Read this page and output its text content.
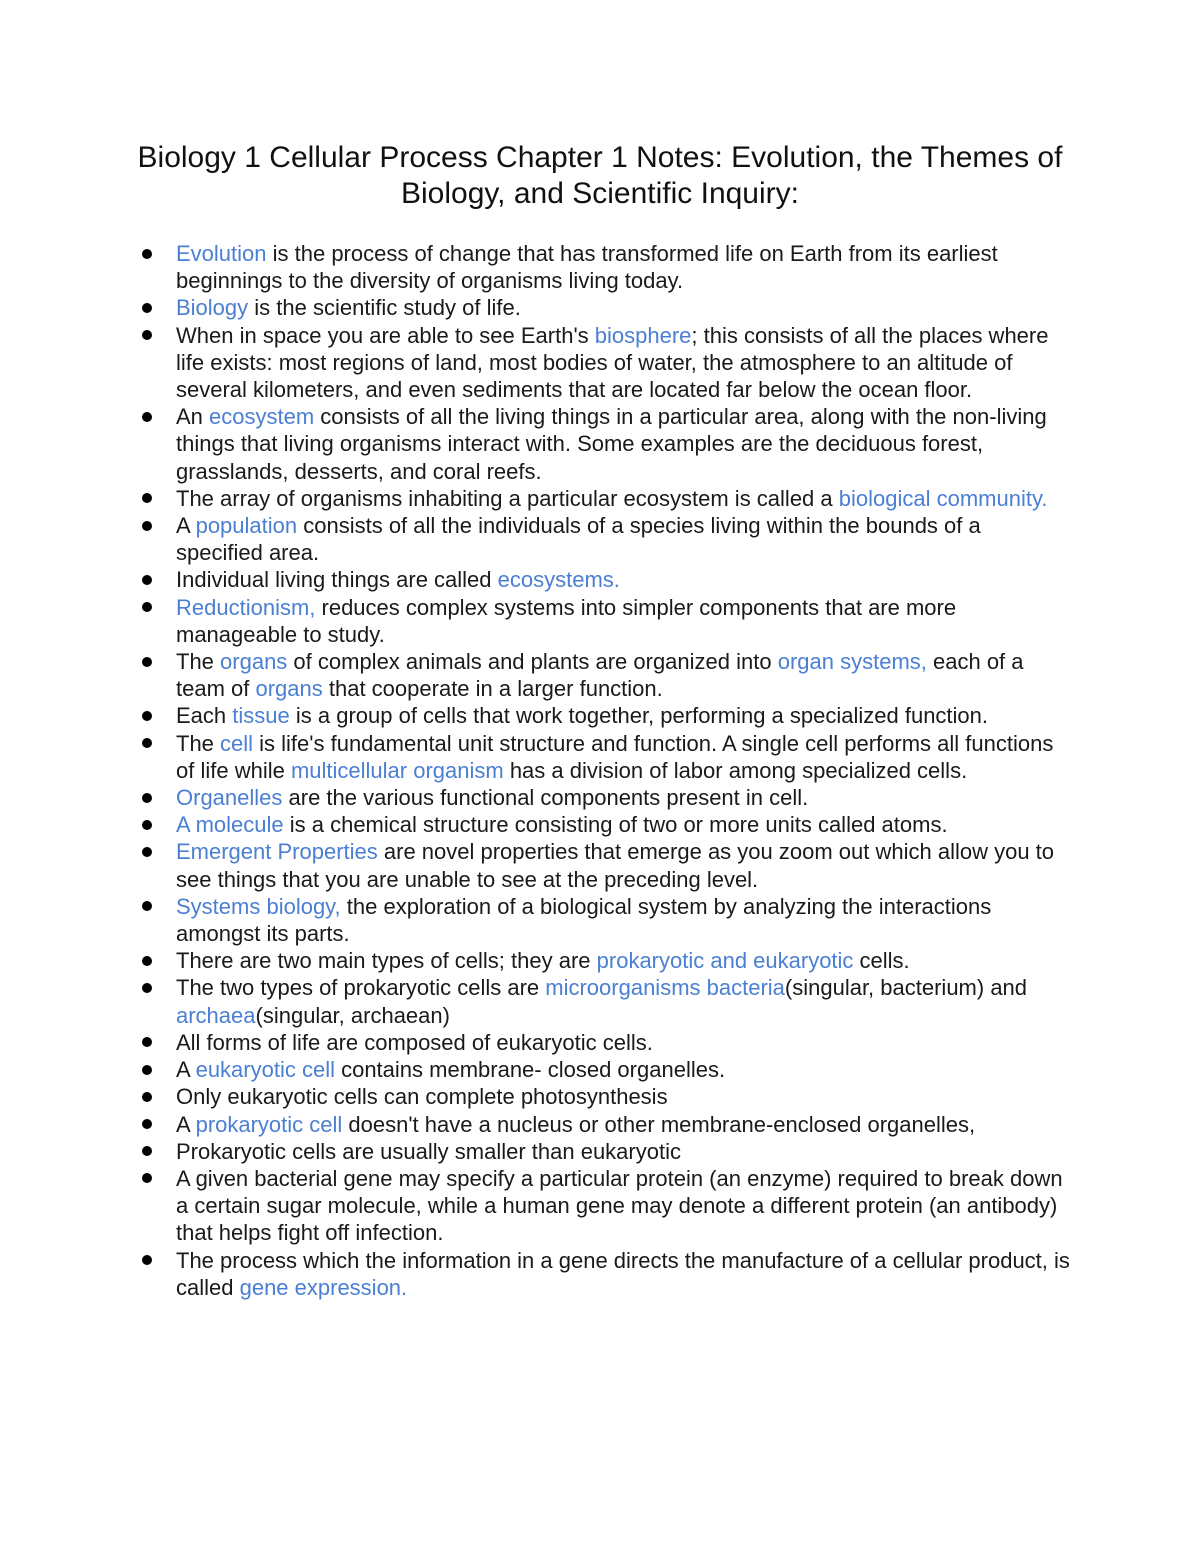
Biology 1 Cellular Process Chapter 1 Notes: Evolution, the Themes of Biology, and Scientific Inquiry:
Evolution is the process of change that has transformed life on Earth from its earliest beginnings to the diversity of organisms living today.
Biology is the scientific study of life.
When in space you are able to see Earth's biosphere; this consists of all the places where life exists: most regions of land, most bodies of water, the atmosphere to an altitude of several kilometers, and even sediments that are located far below the ocean floor.
An ecosystem consists of all the living things in a particular area, along with the non-living things that living organisms interact with. Some examples are the deciduous forest, grasslands, desserts, and coral reefs.
The array of organisms inhabiting a particular ecosystem is called a biological community.
A population consists of all the individuals of a species living within the bounds of a specified area.
Individual living things are called ecosystems.
Reductionism, reduces complex systems into simpler components that are more manageable to study.
The organs of complex animals and plants are organized into organ systems, each of a team of organs that cooperate in a larger function.
Each tissue is a group of cells that work together, performing a specialized function.
The cell is life's fundamental unit structure and function. A single cell performs all functions of life while multicellular organism has a division of labor among specialized cells.
Organelles are the various functional components present in cell.
A molecule is a chemical structure consisting of two or more units called atoms.
Emergent Properties are novel properties that emerge as you zoom out which allow you to see things that you are unable to see at the preceding level.
Systems biology, the exploration of a biological system by analyzing the interactions amongst its parts.
There are two main types of cells; they are prokaryotic and eukaryotic cells.
The two types of prokaryotic cells are microorganisms bacteria(singular, bacterium) and archaea(singular, archaean)
All forms of life are composed of eukaryotic cells.
A eukaryotic cell contains membrane- closed organelles.
Only eukaryotic cells can complete photosynthesis
A prokaryotic cell doesn't have a nucleus or other membrane-enclosed organelles,
Prokaryotic cells are usually smaller than eukaryotic
A given bacterial gene may specify a particular protein (an enzyme) required to break down a certain sugar molecule, while a human gene may denote a different protein (an antibody) that helps fight off infection.
The process which the information in a gene directs the manufacture of a cellular product, is called gene expression.
